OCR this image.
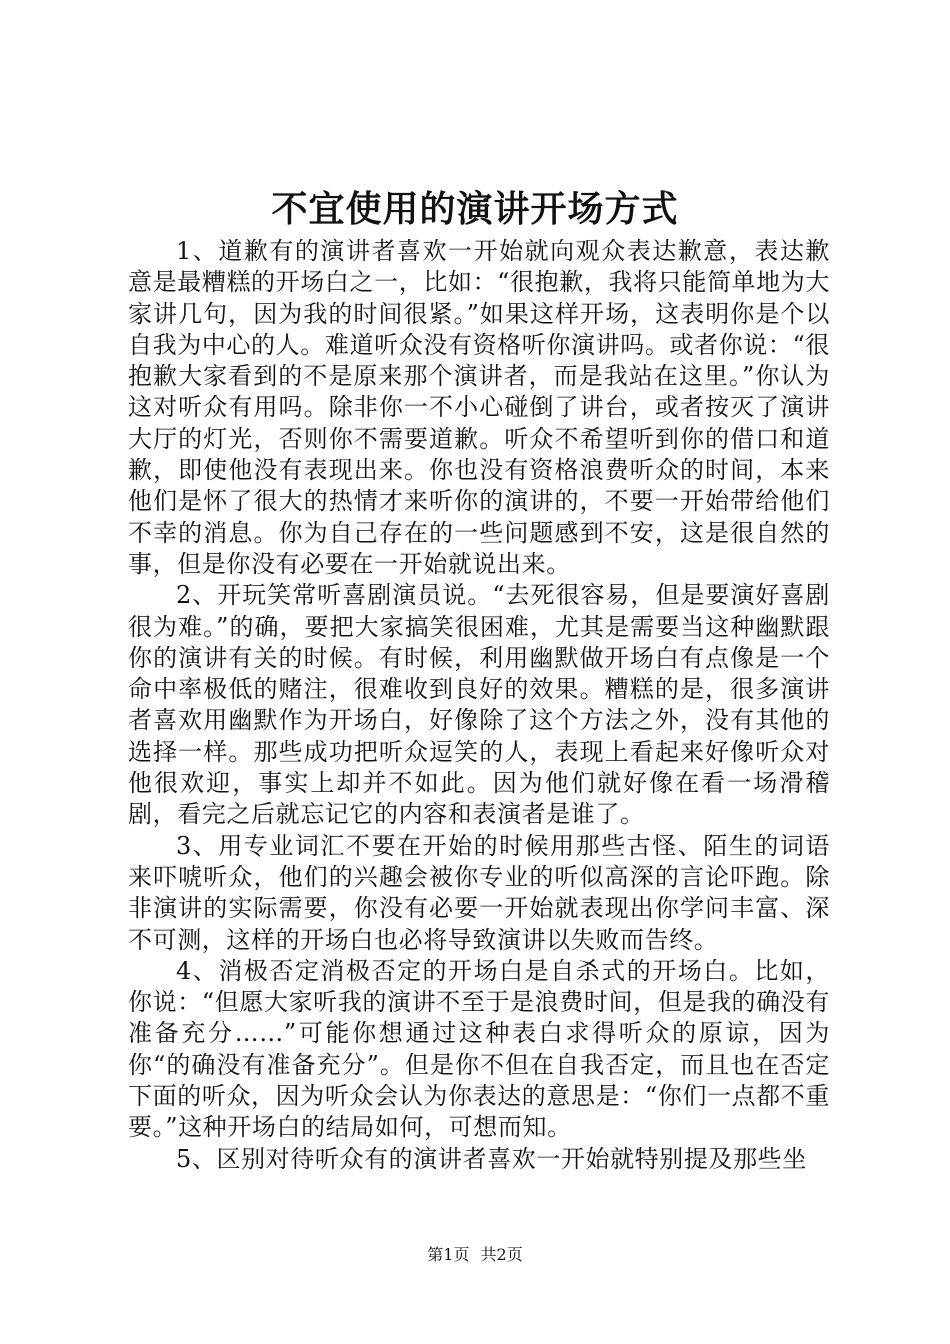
不宜使用的演讲开场方式

1、道歉有的演讲者喜欢一开始就向观众表达歉意，表达歉意是最糟糕的开场白之一，比如：“很抱歉，我将只能简单地为大家讲几句，因为我的时间很紧。”如果这样开场，这表明你是个以自我为中心的人。难道听众没有资格听你演讲吗。或者你说：“很抱歉大家看到的不是原来那个演讲者，而是我站在这里。”你认为这对听众有用吗。除非你一不小心碰倒了讲台，或者按灭了演讲大厅的灯光，否则你不需要道歉。听众不希望听到你的借口和道歉，即使他没有表现出来。你也没有资格浪费听众的时间，本来他们是怀了很大的热情才来听你的演讲的，不要一开始带给他们不幸的消息。你为自己存在的一些问题感到不安，这是很自然的事，但是你没有必要在一开始就说出来。

2、开玩笑常听喜剧演员说。“去死很容易，但是要演好喜剧很为难。”的确，要把大家搞笑很困难，尤其是需要当这种幽默跟你的演讲有关的时候。有时候，利用幽默做开场白有点像是一个命中率极低的赌注，很难收到良好的效果。糟糕的是，很多演讲者喜欢用幽默作为开场白，好像除了这个方法之外，没有其他的选择一样。那些成功把听众逗笑的人，表现上看起来好像听众对他很欢迎，事实上却并不如此。因为他们就好像在看一场滑稽剧，看完之后就忘记它的内容和表演者是谁了。

3、用专业词汇不要在开始的时候用那些古怪、陌生的词语来吓唬听众，他们的兴趣会被你专业的听似高深的言论吓跑。除非演讲的实际需要，你没有必要一开始就表现出你学问丰富、深不可测，这样的开场白也必将导致演讲以失败而告终。

4、消极否定消极否定的开场白是自杀式的开场白。比如，你说：“但愿大家听我的演讲不至于是浪费时间，但是我的确没有准备充分……”可能你想通过这种表白求得听众的原谅，因为你“的确没有准备充分”。但是你不但在自我否定，而且也在否定下面的听众，因为听众会认为你表达的意思是：“你们一点都不重要。”这种开场白的结局如何，可想而知。

5、区别对待听众有的演讲者喜欢一开始就特别提及那些坐

第1页 共2页
